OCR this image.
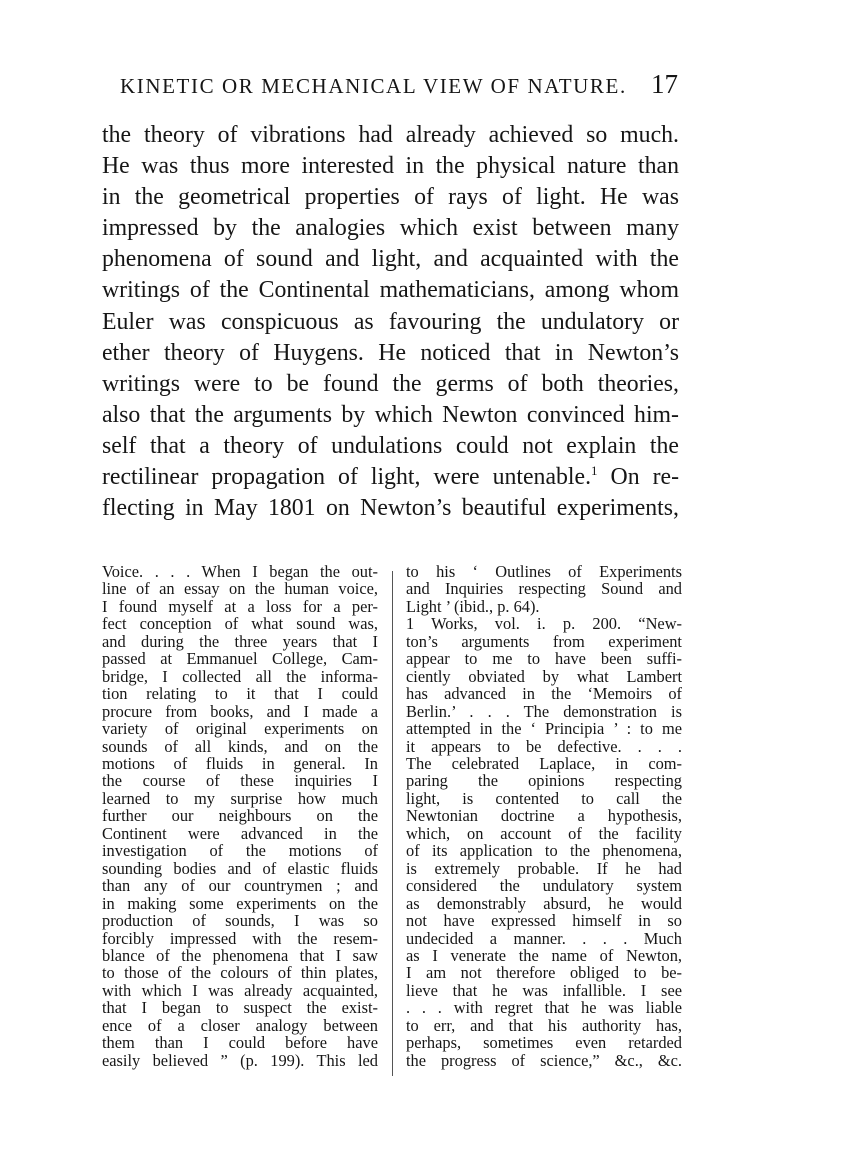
KINETIC OR MECHANICAL VIEW OF NATURE. 17
the theory of vibrations had already achieved so much.
He was thus more interested in the physical nature than
in the geometrical properties of rays of light. He was
impressed by the analogies which exist between many
phenomena of sound and light, and acquainted with the
writings of the Continental mathematicians, among whom
Euler was conspicuous as favouring the undulatory or
ether theory of Huygens. He noticed that in Newton’s
writings were to be found the germs of both theories,
also that the arguments by which Newton convinced him-
self that a theory of undulations could not explain the
rectilinear propagation of light, were untenable.$^1$ On re-
flecting in May 1801 on Newton’s beautiful experiments,
Voice. . . . When I began the out-
line of an essay on the human voice,
I found myself at a loss for a per-
fect conception of what sound was,
and during the three years that I
passed at Emmanuel College, Cam-
bridge, I collected all the informa-
tion relating to it that I could
procure from books, and I made a
variety of original experiments on
sounds of all kinds, and on the
motions of fluids in general. In
the course of these inquiries I
learned to my surprise how much
further our neighbours on the
Continent were advanced in the
investigation of the motions of
sounding bodies and of elastic fluids
than any of our countrymen ; and
in making some experiments on the
production of sounds, I was so
forcibly impressed with the resem-
blance of the phenomena that I saw
to those of the colours of thin plates,
with which I was already acquainted,
that I began to suspect the exist-
ence of a closer analogy between
them than I could before have
easily believed ” (p. 199). This led
to his ‘ Outlines of Experiments
and Inquiries respecting Sound and
Light ’ (ibid., p. 64).
1 Works, vol. i. p. 200. “New-
ton’s arguments from experiment
appear to me to have been suffi-
ciently obviated by what Lambert
has advanced in the ‘Memoirs of
Berlin.’ . . . The demonstration is
attempted in the ‘ Principia ’ : to me
it appears to be defective. . . .
The celebrated Laplace, in com-
paring the opinions respecting
light, is contented to call the
Newtonian doctrine a hypothesis,
which, on account of the facility
of its application to the phenomena,
is extremely probable. If he had
considered the undulatory system
as demonstrably absurd, he would
not have expressed himself in so
undecided a manner. . . . Much
as I venerate the name of Newton,
I am not therefore obliged to be-
lieve that he was infallible. I see
. . . with regret that he was liable
to err, and that his authority has,
perhaps, sometimes even retarded
the progress of science,” &c., &c.
